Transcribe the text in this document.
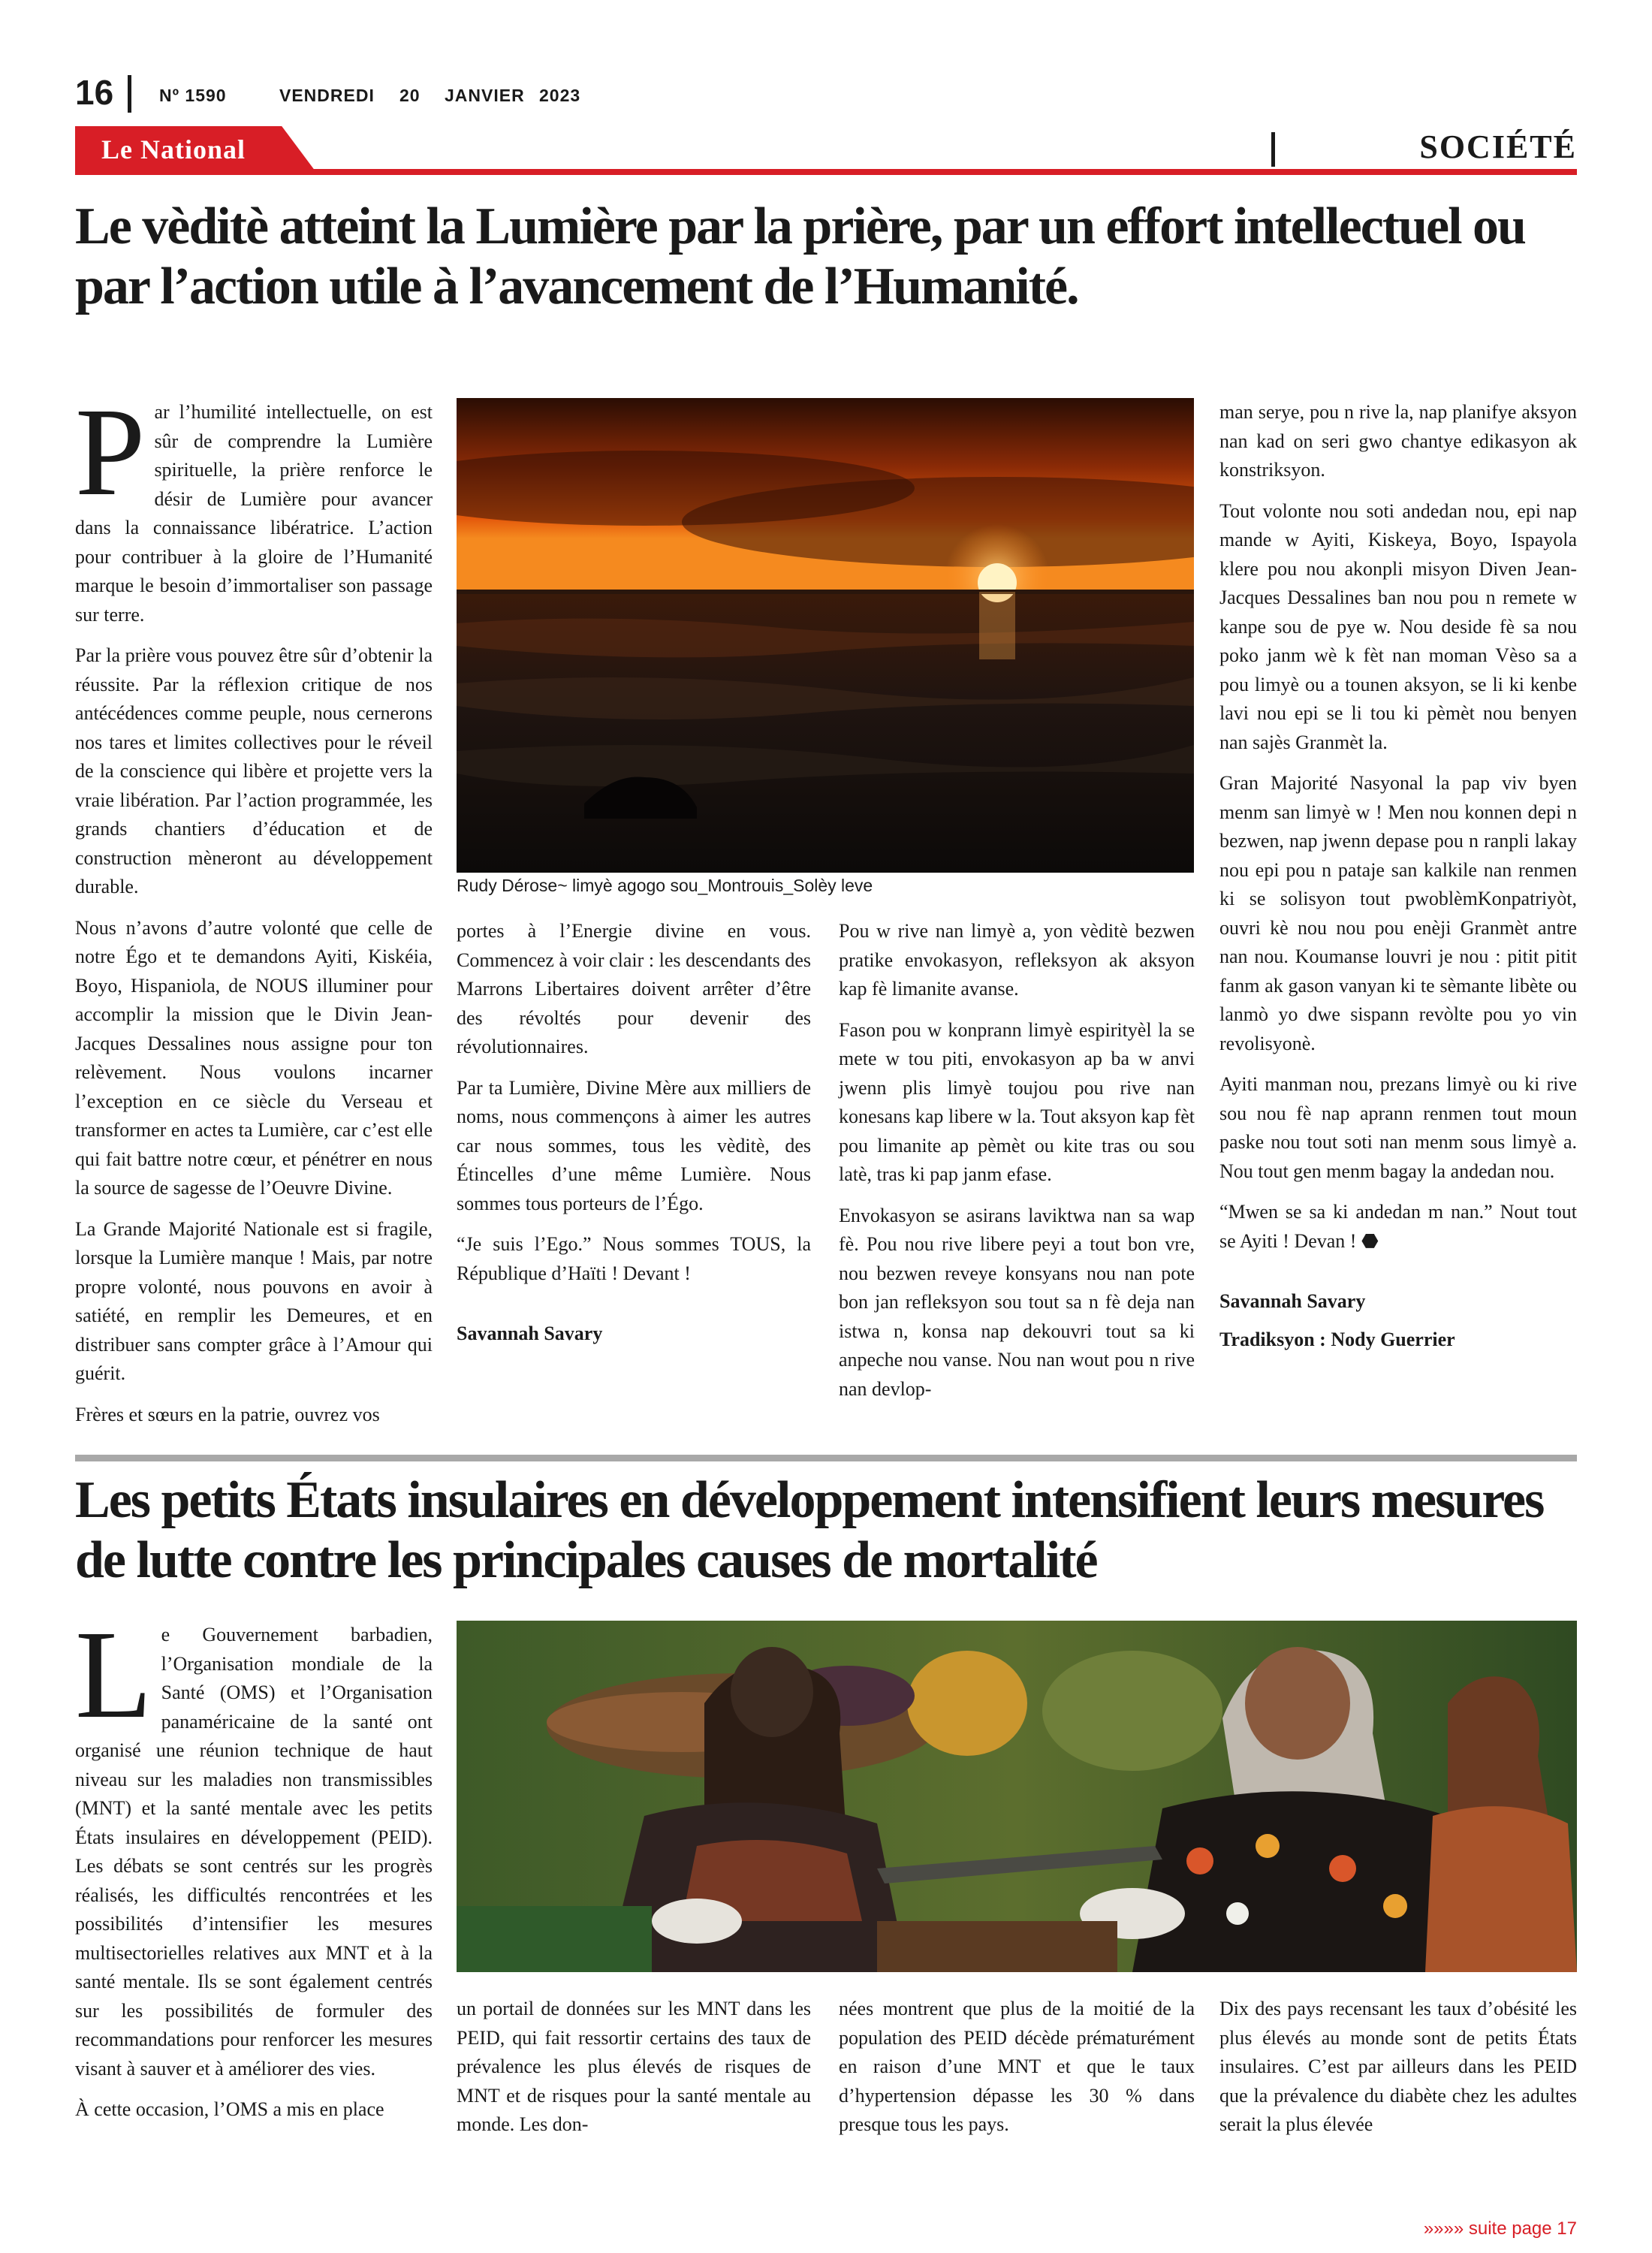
16	Nº 1590	VENDREDI 20 JANVIER 2023
Le National	SOCIÉTÉ
Le vèditè atteint la Lumière par la prière, par un effort intellectuel ou par l’action utile à l’avancement de l’Humanité.

Par l’humilité intellectuelle, on est sûr de comprendre la Lumière spirituelle, la prière renforce le désir de Lumière pour avancer dans la connaissance libératrice. L’action pour contribuer à la gloire de l’Humanité marque le besoin d’immortaliser son passage sur terre.

Par la prière vous pouvez être sûr d’obtenir la réussite. Par la réflexion critique de nos antécédences comme peuple, nous cernerons nos tares et limites collectives pour le réveil de la conscience qui libère et projette vers la vraie libération. Par l’action programmée, les grands chantiers d’éducation et de construction mèneront au développement durable.

Nous n’avons d’autre volonté que celle de notre Égo et te demandons Ayiti, Kiskéia, Boyo, Hispaniola, de NOUS illuminer pour accomplir la mission que le Divin Jean-Jacques Dessalines nous assigne pour ton relèvement. Nous voulons incarner l’exception en ce siècle du Verseau et transformer en actes ta Lumière, car c’est elle qui fait battre notre cœur, et pénétrer en nous la source de sagesse de l’Oeuvre Divine.

La Grande Majorité Nationale est si fragile, lorsque la Lumière manque ! Mais, par notre propre volonté, nous pouvons en avoir à satiété, en remplir les Demeures, et en distribuer sans compter grâce à l’Amour qui guérit.

Frères et sœurs en la patrie, ouvrez vos

Rudy Dérose~ limyè agogo sou_Montrouis_Solèy leve

portes à l’Energie divine en vous. Commencez à voir clair : les descendants des Marrons Libertaires doivent arrêter d’être des révoltés pour devenir des révolutionnaires.

Par ta Lumière, Divine Mère aux milliers de noms, nous commençons à aimer les autres car nous sommes, tous les vèditè, des Étincelles d’une même Lumière. Nous sommes tous porteurs de l’Égo.

“Je suis l’Ego.” Nous sommes TOUS, la République d’Haïti ! Devant !

Savannah Savary

Pou w rive nan limyè a, yon vèditè bezwen pratike envokasyon, refleksyon ak aksyon kap fè limanite avanse.

Fason pou w konprann limyè espirityèl la se mete w tou piti, envokasyon ap ba w anvi jwenn plis limyè toujou pou rive nan konesans kap libere w la. Tout aksyon kap fèt pou limanite ap pèmèt ou kite tras ou sou latè, tras ki pap janm efase.

Envokasyon se asirans laviktwa nan sa wap fè. Pou nou rive libere peyi a tout bon vre, nou bezwen reveye konsyans nou nan pote bon jan refleksyon sou tout sa n fè deja nan istwa n, konsa nap dekouvri tout sa ki anpeche nou vanse. Nou nan wout pou n rive nan devlop-

man serye, pou n rive la, nap planifye aksyon nan kad on seri gwo chantye edikasyon ak konstriksyon.

Tout volonte nou soti andedan nou, epi nap mande w Ayiti, Kiskeya, Boyo, Ispayola klere pou nou akonpli misyon Diven Jean-Jacques Dessalines ban nou pou n remete w kanpe sou de pye w. Nou deside fè sa nou poko janm wè k fèt nan moman Vèso sa a pou limyè ou a tounen aksyon, se li ki kenbe lavi nou epi se li tou ki pèmèt nou benyen nan sajès Granmèt la.

Gran Majorité Nasyonal la pap viv byen menm san limyè w ! Men nou konnen depi n bezwen, nap jwenn depase pou n ranpli lakay nou epi pou n pataje san kalkile nan renmen ki se solisyon tout pwoblèmKonpatriyòt, ouvri kè nou nou pou enèji Granmèt antre nan nou. Koumanse louvri je nou : pitit pitit fanm ak gason vanyan ki te sèmante libète ou lanmò yo dwe sispann revòlte pou yo vin revolisyonè.

Ayiti manman nou, prezans limyè ou ki rive sou nou fè nap aprann renmen tout moun paske nou tout soti nan menm sous limyè a. Nou tout gen menm bagay la andedan nou.

“Mwen se sa ki andedan m nan.” Nout tout se Ayiti ! Devan ! ⬣

Savannah Savary

Tradiksyon : Nody Guerrier

Les petits États insulaires en développement intensifient leurs mesures de lutte contre les principales causes de mortalité

Le Gouvernement barbadien, l’Organisation mondiale de la Santé (OMS) et l’Organisation panaméricaine de la santé ont organisé une réunion technique de haut niveau sur les maladies non transmissibles (MNT) et la santé mentale avec les petits États insulaires en développement (PEID). Les débats se sont centrés sur les progrès réalisés, les difficultés rencontrées et les possibilités d’intensifier les mesures multisectorielles relatives aux MNT et à la santé mentale. Ils se sont également centrés sur les possibilités de formuler des recommandations pour renforcer les mesures visant à sauver et à améliorer des vies.

À cette occasion, l’OMS a mis en place

un portail de données sur les MNT dans les PEID, qui fait ressortir certains des taux de prévalence les plus élevés de risques de MNT et de risques pour la santé mentale au monde. Les don-

nées montrent que plus de la moitié de la population des PEID décède prématurément en raison d’une MNT et que le taux d’hypertension dépasse les 30 % dans presque tous les pays.

Dix des pays recensant les taux d’obésité les plus élevés au monde sont de petits États insulaires. C’est par ailleurs dans les PEID que la prévalence du diabète chez les adultes serait la plus élevée

»»»» suite page 17
